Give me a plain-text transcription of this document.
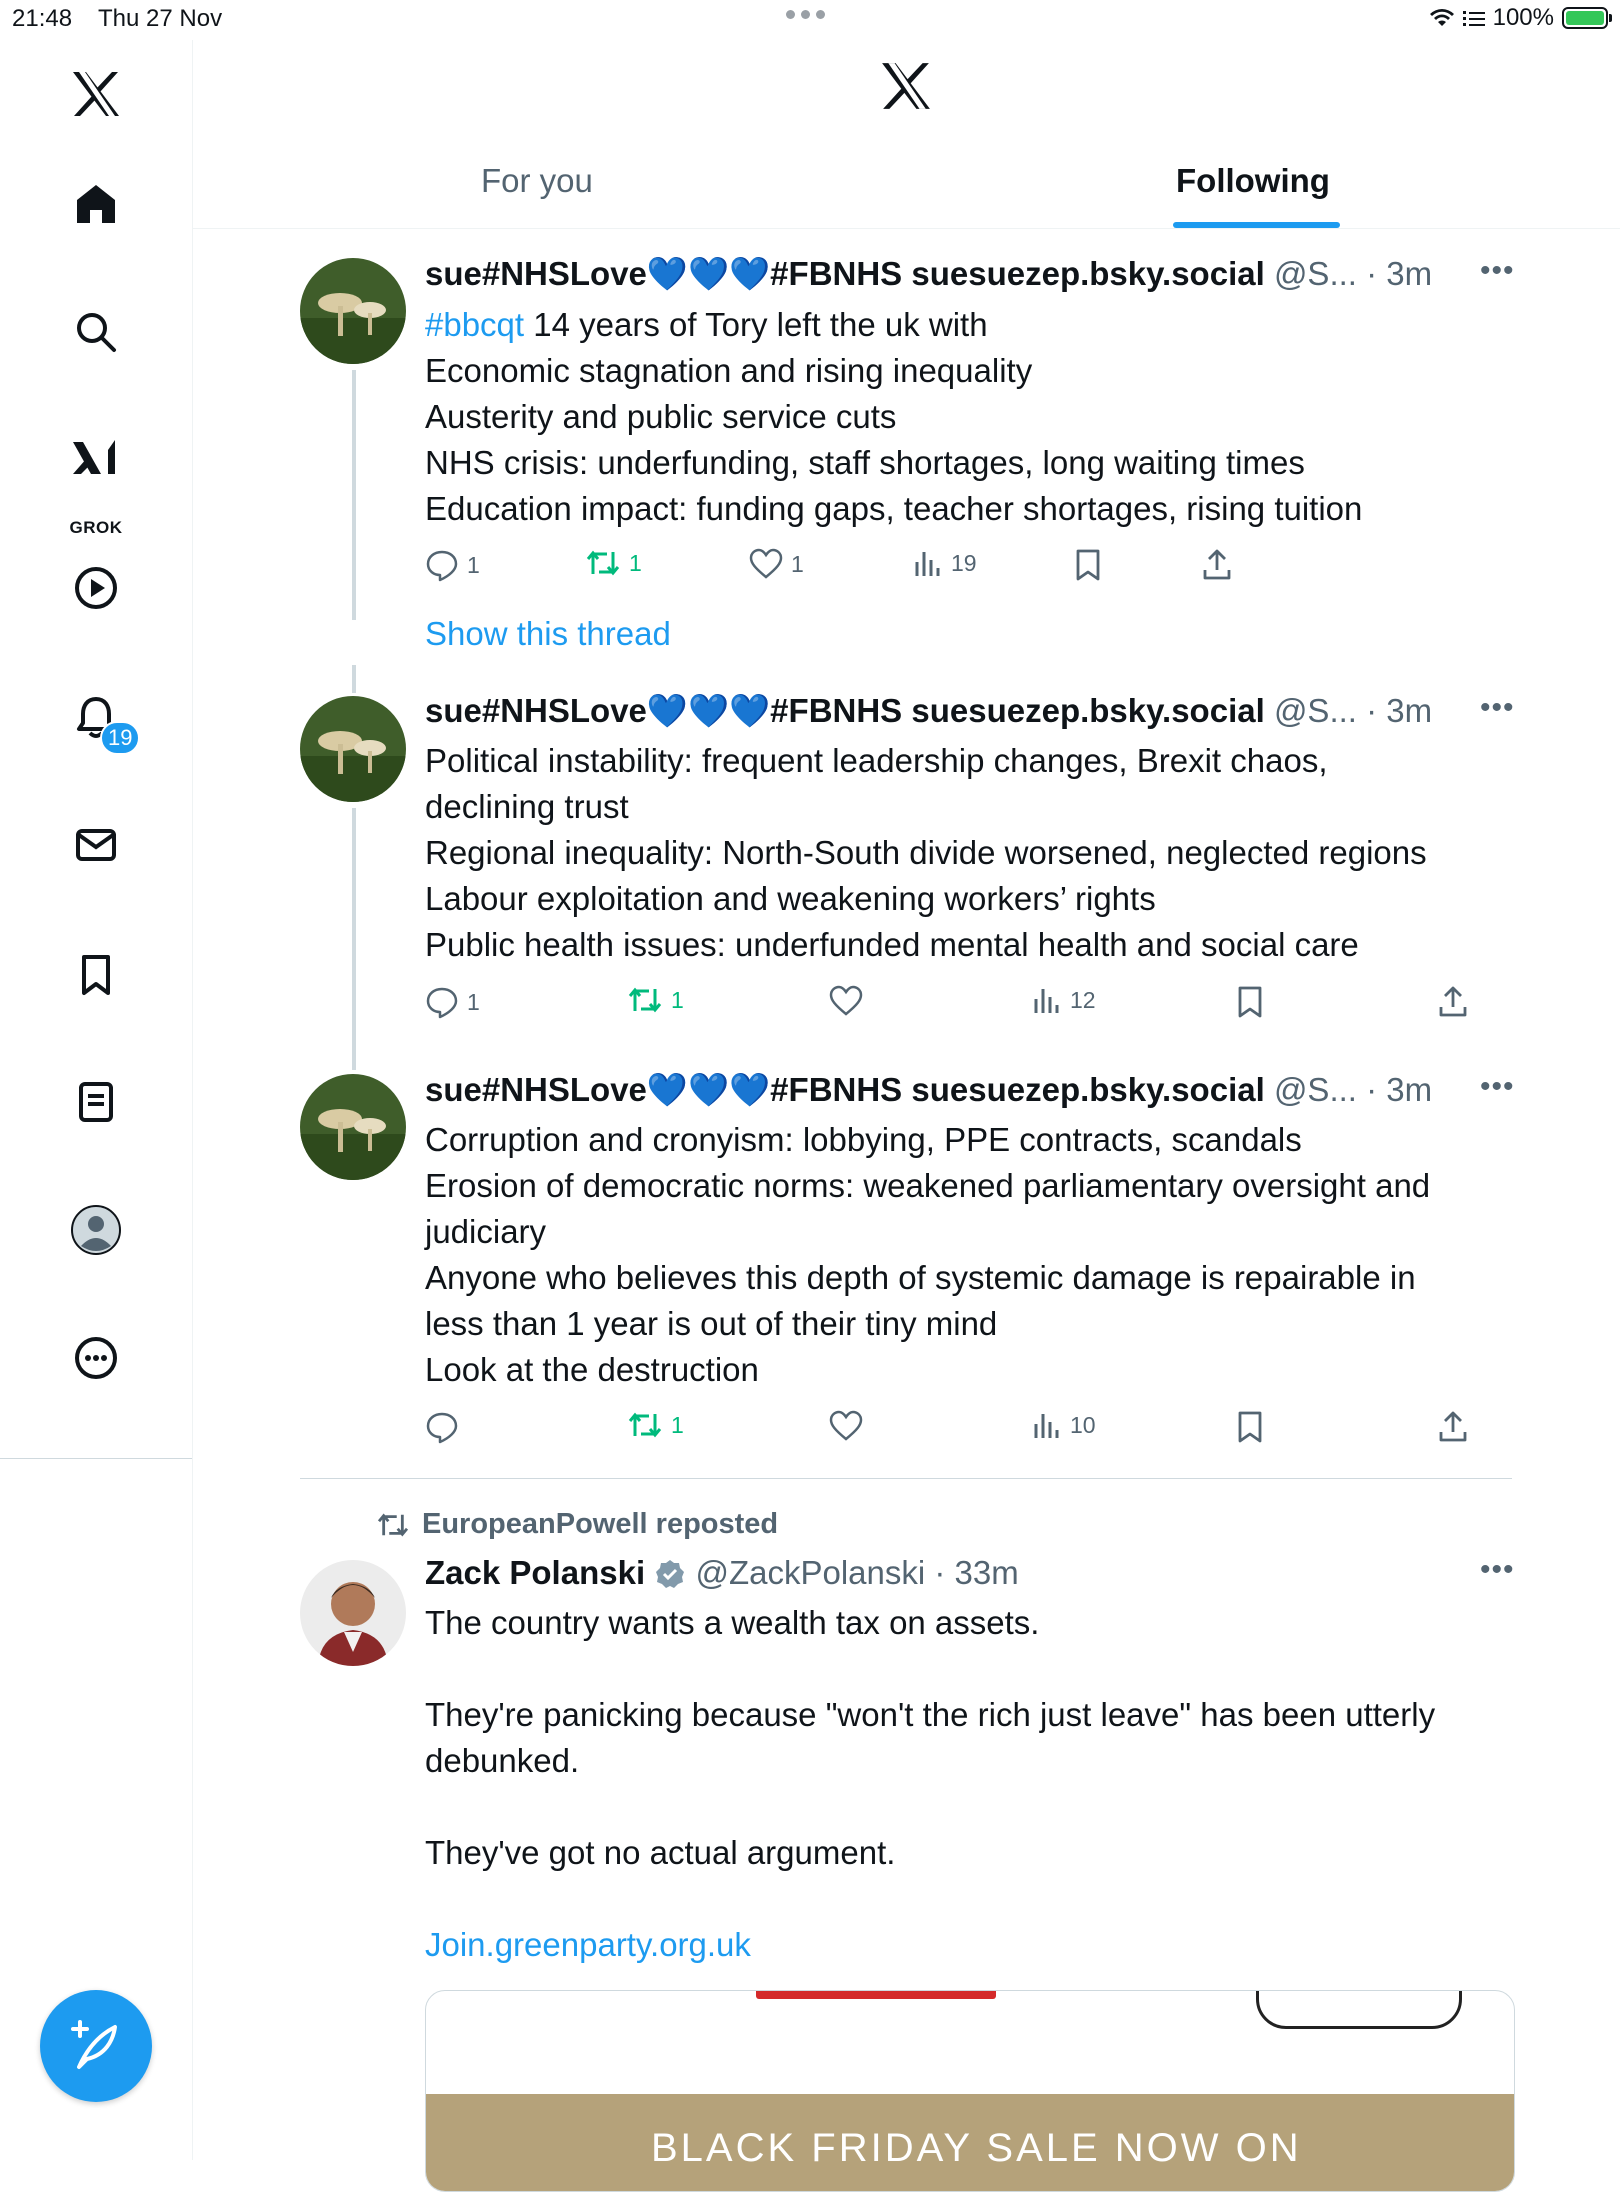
21:48 Thu 27 Nov	100%
GROK
19
For you	Following
sue#NHSLove💙💙💙#FBNHS suesuezep.bsky.social @S... · 3m •••
#bbcqt 14 years of Tory left the uk with
Economic stagnation and rising inequality
Austerity and public service cuts
NHS crisis: underfunding, staff shortages, long waiting times
Education impact: funding gaps, teacher shortages, rising tuition
1	1	1	19
Show this thread
sue#NHSLove💙💙💙#FBNHS suesuezep.bsky.social @S... · 3m •••
Political instability: frequent leadership changes, Brexit chaos,
declining trust
Regional inequality: North-South divide worsened, neglected regions
Labour exploitation and weakening workers’ rights
Public health issues: underfunded mental health and social care
1	1	12
sue#NHSLove💙💙💙#FBNHS suesuezep.bsky.social @S... · 3m •••
Corruption and cronyism: lobbying, PPE contracts, scandals
Erosion of democratic norms: weakened parliamentary oversight and
judiciary
Anyone who believes this depth of systemic damage is repairable in
less than 1 year is out of their tiny mind
Look at the destruction
1	10
EuropeanPowell reposted
Zack Polanski @ZackPolanski · 33m	•••
The country wants a wealth tax on assets.
They're panicking because "won't the rich just leave" has been utterly
debunked.
They've got no actual argument.
Join.greenparty.org.uk
BLACK FRIDAY SALE NOW ON
